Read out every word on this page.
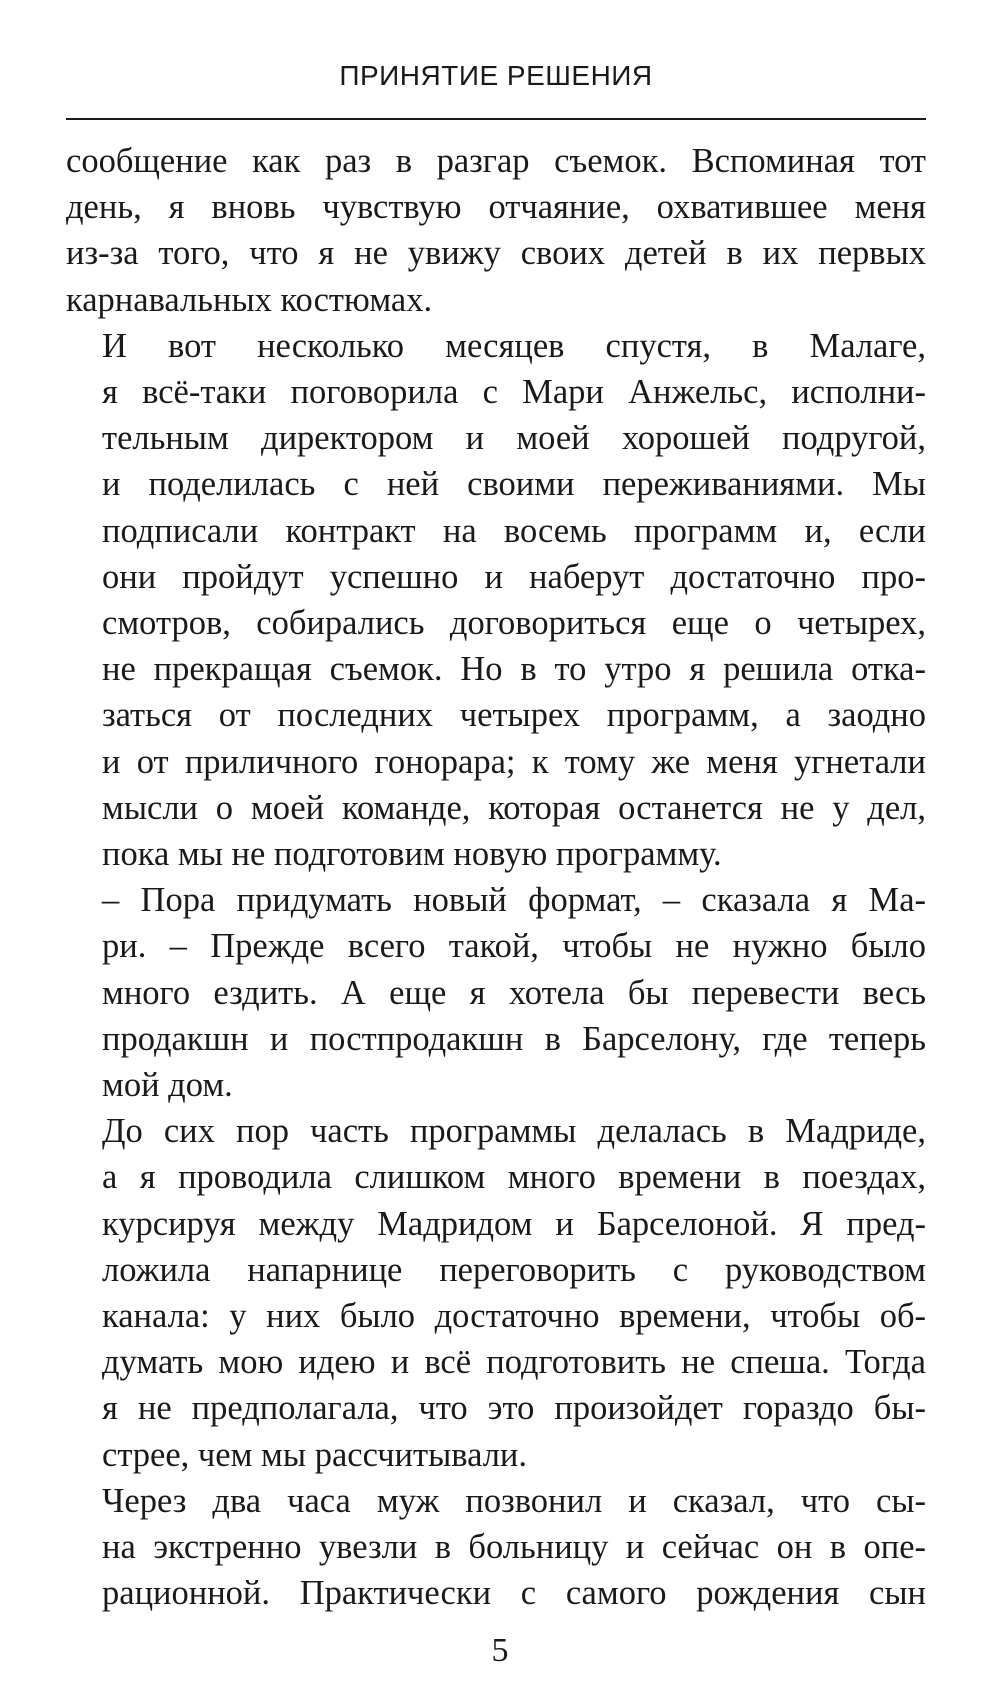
ПРИНЯТИЕ РЕШЕНИЯ

сообщение как раз в разгар съемок. Вспоминая тот
день, я вновь чувствую отчаяние, охватившее меня
из-за того, что я не увижу своих детей в их первых
карнавальных костюмах.

И вот несколько месяцев спустя, в Малаге,
я всё-таки поговорила с Мари Анжельс, исполни-
тельным директором и моей хорошей подругой,
и поделилась с ней своими переживаниями. Мы
подписали контракт на восемь программ и, если
они пройдут успешно и наберут достаточно про-
смотров, собирались договориться еще о четырех,
не прекращая съемок. Но в то утро я решила отка-
заться от последних четырех программ, а заодно
и от приличного гонорара; к тому же меня угнетали
мысли о моей команде, которая останется не у дел,
пока мы не подготовим новую программу.

– Пора придумать новый формат, – сказала я Ма-
ри. – Прежде всего такой, чтобы не нужно было
много ездить. А еще я хотела бы перевести весь
продакшн и постпродакшн в Барселону, где теперь
мой дом.

До сих пор часть программы делалась в Мадриде,
а я проводила слишком много времени в поездах,
курсируя между Мадридом и Барселоной. Я пред-
ложила напарнице переговорить с руководством
канала: у них было достаточно времени, чтобы об-
думать мою идею и всё подготовить не спеша. Тогда
я не предполагала, что это произойдет гораздо бы-
стрее, чем мы рассчитывали.

Через два часа муж позвонил и сказал, что сы-
на экстренно увезли в больницу и сейчас он в опе-
рационной. Практически с самого рождения сын

5
